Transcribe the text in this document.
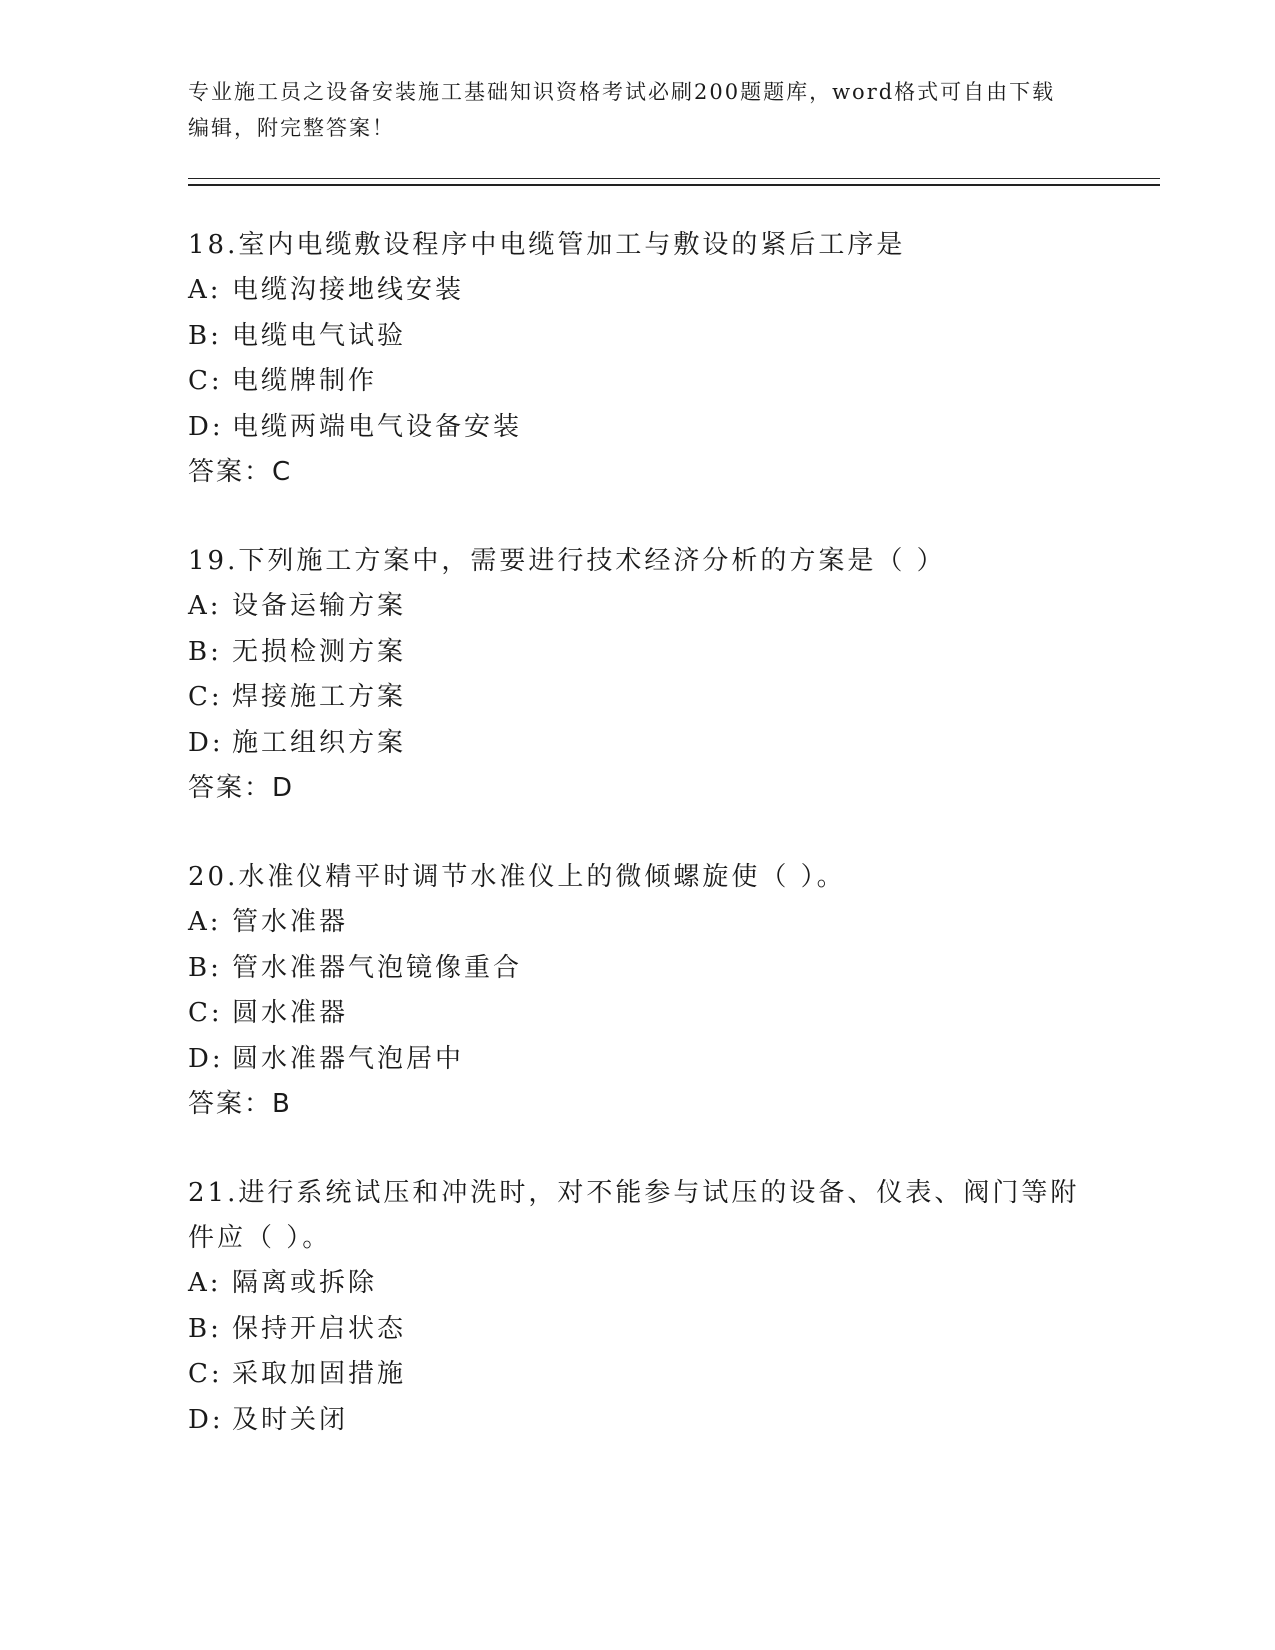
专业施工员之设备安装施工基础知识资格考试必刷200题题库，word格式可自由下载编辑，附完整答案！

18.室内电缆敷设程序中电缆管加工与敷设的紧后工序是

A: 电缆沟接地线安装

B: 电缆电气试验

C: 电缆牌制作

D: 电缆两端电气设备安装

答案：C

19.下列施工方案中，需要进行技术经济分析的方案是（ ）

A: 设备运输方案

B: 无损检测方案

C: 焊接施工方案

D: 施工组织方案

答案：D

20.水准仪精平时调节水准仪上的微倾螺旋使（ ）。

A: 管水准器

B: 管水准器气泡镜像重合

C: 圆水准器

D: 圆水准器气泡居中

答案：B

21.进行系统试压和冲洗时，对不能参与试压的设备、仪表、阀门等附件应（ ）。

A: 隔离或拆除

B: 保持开启状态

C: 采取加固措施

D: 及时关闭
